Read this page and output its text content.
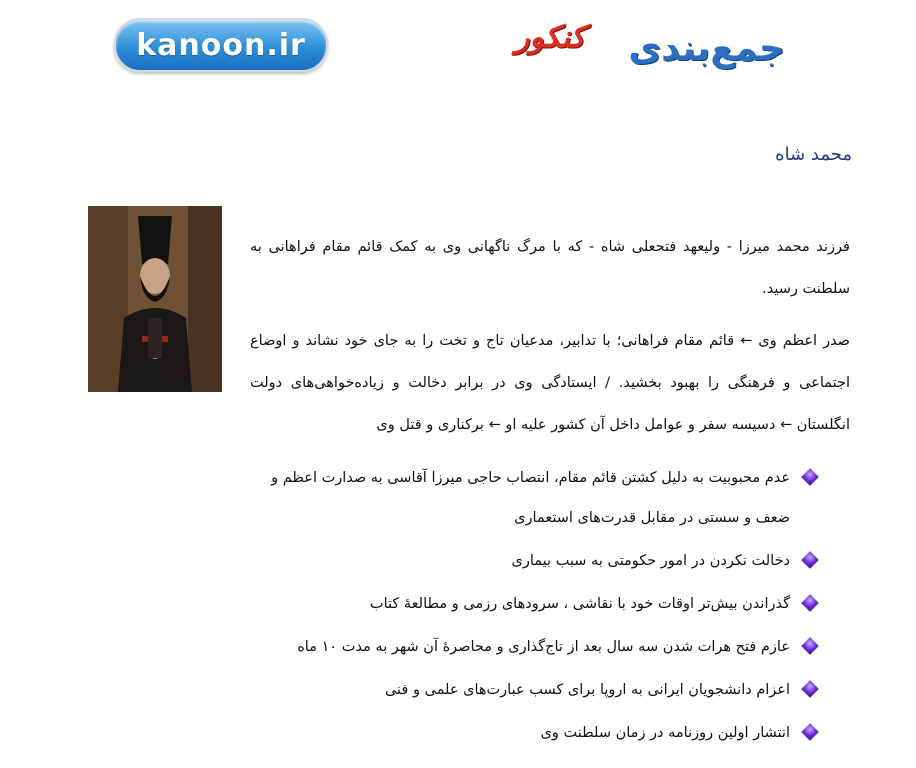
kanoon.ir	جمع‌بندی
کنکور
محمد شاه
فرزند محمد میرزا - ولیعهد فتحعلی شاه - که با مرگ ناگهانی وی به کمک قائم مقام فراهانی به سلطنت رسید.
صدر اعظم وی ← قائم مقام فراهانی؛ با تدابیر، مدعیان تاج و تخت را به جای خود نشاند و اوضاع اجتماعی و فرهنگی را بهبود بخشید. / ایستادگی وی در برابر دخالت و زیاده‌خواهی‌های دولت انگلستان ← دسیسه سفر و عوامل داخل آن کشور علیه او ← برکناری و قتل وی
عدم محبوبیت به دلیل کشتن قائم مقام، انتصاب حاجی میرزا آقاسی به صدارت اعظم و ضعف و سستی در مقابل قدرت‌های استعماری
دخالت نکردن در امور حکومتی به سبب بیماری
گذراندن بیش‌تر اوقات خود با نقاشی ، سرودهای رزمی و مطالعهٔ کتاب
عازم فتح هرات شدن سه سال بعد از تاج‌گذاری و محاصرهٔ آن شهر به مدت ۱۰ ماه
اعزام دانشجویان ایرانی به اروپا برای کسب عبارت‌های علمی و فنی
انتشار اولین روزنامه در زمان سلطنت وی
